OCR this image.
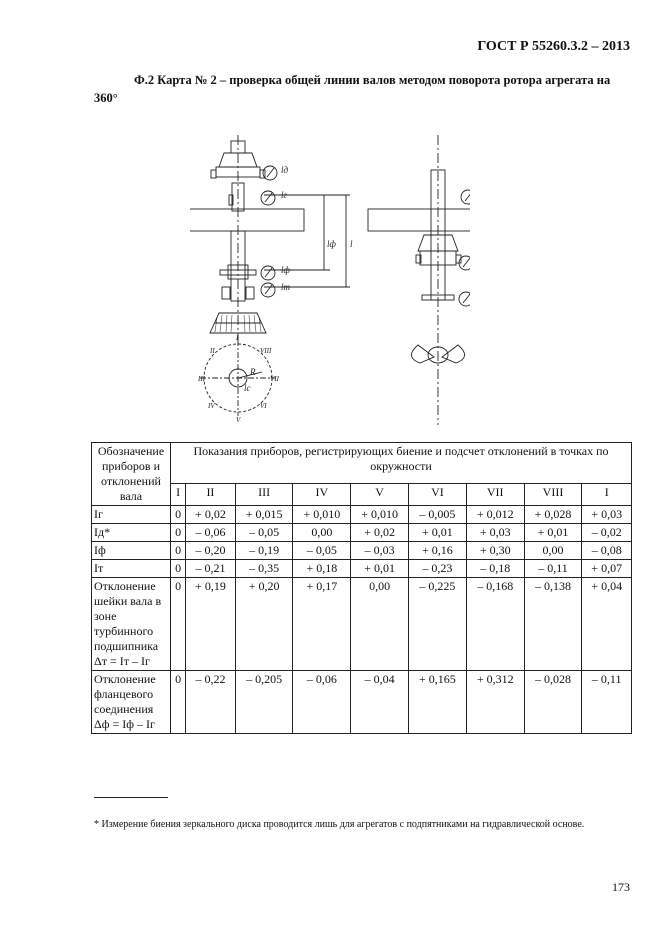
ГОСТ Р 55260.3.2 – 2013
Ф.2 Карта № 2 – проверка общей линии валов методом поворота ротора агрегата на 360°
lд
lг
lф
lт
lф l
R
lс
I
II
III
IV
V
VI
VII
VIII
Обозначение приборов и отклонений вала	Показания приборов, регистрирующих биение и подсчет отклонений в точках по окружности								
	I	II	III	IV	V	VI	VII	VIII	I
Iг	0	+ 0,02	+ 0,015	+ 0,010	+ 0,010	– 0,005	+ 0,012	+ 0,028	+ 0,03
Iд*	0	– 0,06	– 0,05	0,00	+ 0,02	+ 0,01	+ 0,03	+ 0,01	– 0,02
Iф	0	– 0,20	– 0,19	– 0,05	– 0,03	+ 0,16	+ 0,30	0,00	– 0,08
Iт	0	– 0,21	– 0,35	+ 0,18	+ 0,01	– 0,23	– 0,18	– 0,11	+ 0,07
Отклонение шейки вала в зоне турбинного подшипника Δт = Iт – Iг	0	+ 0,19	+ 0,20	+ 0,17	0,00	– 0,225	– 0,168	– 0,138	+ 0,04
Отклонение фланцевого соединения Δф = Iф – Iг	0	– 0,22	– 0,205	– 0,06	– 0,04	+ 0,165	+ 0,312	– 0,028	– 0,11
* Измерение биения зеркального диска проводится лишь для агрегатов с подпятниками на гидравлической основе.
173
